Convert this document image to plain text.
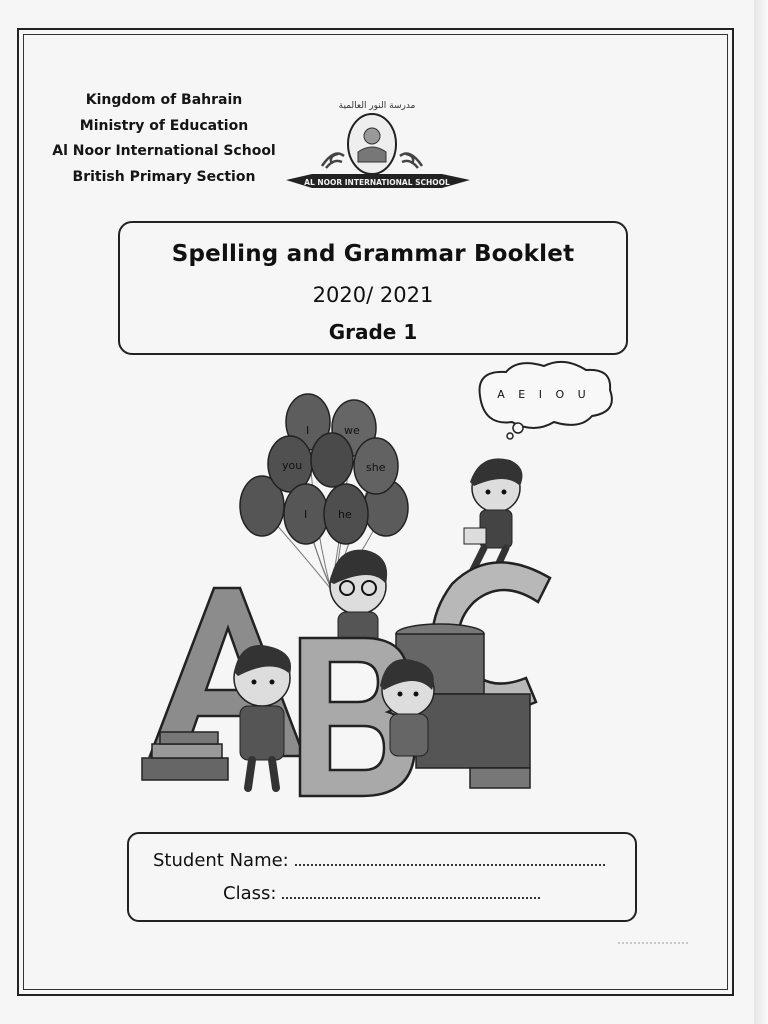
Kingdom of Bahrain
Ministry of Education
Al Noor International School
British Primary Section
مدرسة النور العالمية
AL NOOR INTERNATIONAL SCHOOL
Spelling and Grammar Booklet
2020/ 2021
Grade 1
A E I O U
I	we
you	she
I	he
Student Name:
Class:
